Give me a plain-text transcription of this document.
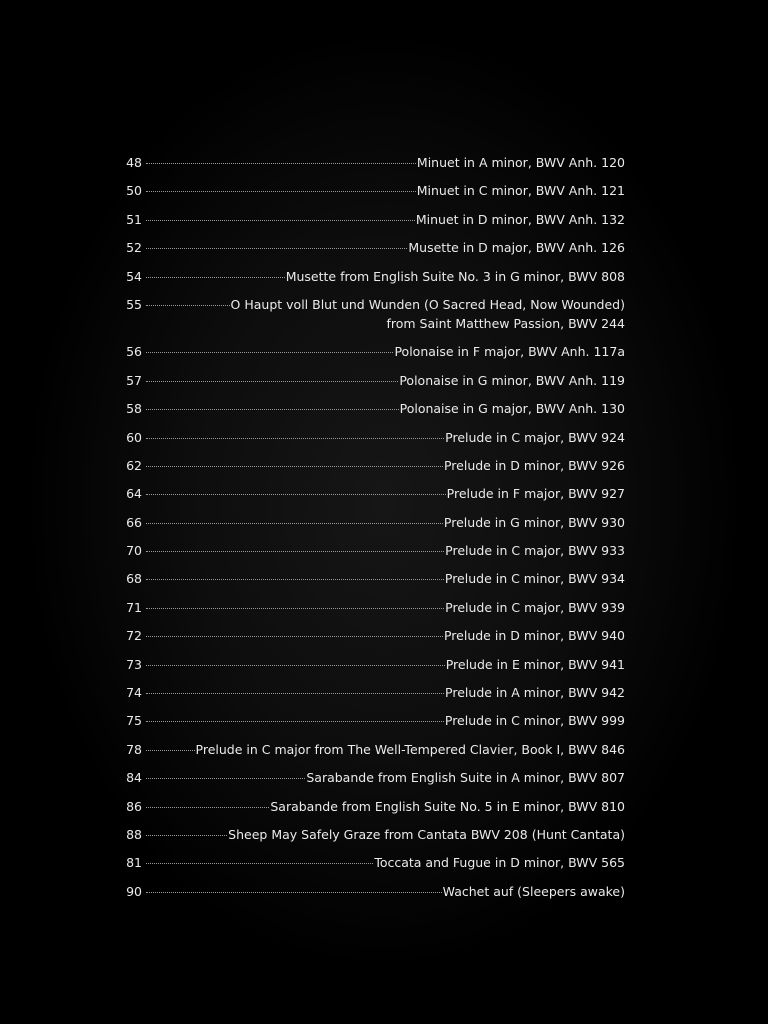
48	Minuet in A minor, BWV Anh. 120
50	Minuet in C minor, BWV Anh. 121
51	Minuet in D minor, BWV Anh. 132
52	Musette in D major, BWV Anh. 126
54	Musette from English Suite No. 3 in G minor, BWV 808
55	O Haupt voll Blut und Wunden (O Sacred Head, Now Wounded)
from Saint Matthew Passion, BWV 244
56	Polonaise in F major, BWV Anh. 117a
57	Polonaise in G minor, BWV Anh. 119
58	Polonaise in G major, BWV Anh. 130
60	Prelude in C major, BWV 924
62	Prelude in D minor, BWV 926
64	Prelude in F major, BWV 927
66	Prelude in G minor, BWV 930
70	Prelude in C major, BWV 933
68	Prelude in C minor, BWV 934
71	Prelude in C major, BWV 939
72	Prelude in D minor, BWV 940
73	Prelude in E minor, BWV 941
74	Prelude in A minor, BWV 942
75	Prelude in C minor, BWV 999
78	Prelude in C major from The Well-Tempered Clavier, Book I, BWV 846
84	Sarabande from English Suite in A minor, BWV 807
86	Sarabande from English Suite No. 5 in E minor, BWV 810
88	Sheep May Safely Graze from Cantata BWV 208 (Hunt Cantata)
81	Toccata and Fugue in D minor, BWV 565
90	Wachet auf (Sleepers awake)
